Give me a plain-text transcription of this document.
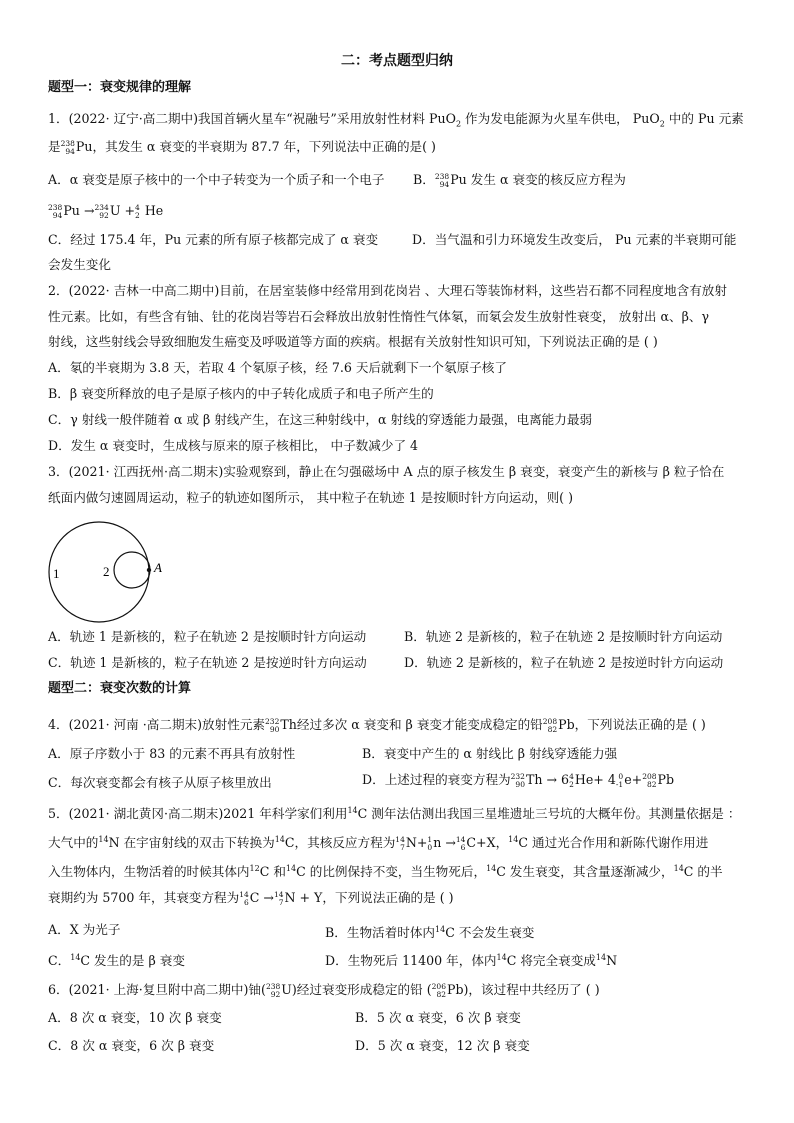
二：考点题型归纳
题型一：衰变规律的理解
1．(2022· 辽宁·高二期中)我国首辆火星车“祝融号”采用放射性材料 PuO$_2$ 作为发电能源为火星车供电， PuO$_2$ 中的 Pu 元素
是 238
94 Pu，其发生 α 衰变的半衰期为 87.7 年，下列说法中正确的是( )
A．α 衰变是原子核中的一个中子转变为一个质子和一个电子 B． 238
94 Pu 发生 α 衰变的核反应方程为
238
94 Pu → 234
92 U + 4
2 He
C．经过 175.4 年，Pu 元素的所有原子核都完成了 α 衰变	D．当气温和引力环境发生改变后， Pu 元素的半衰期可能
会发生变化
2．(2022· 吉林一中高二期中)目前，在居室装修中经常用到花岗岩 、大理石等装饰材料，这些岩石都不同程度地含有放射
性元素。比如，有些含有铀、钍的花岗岩等岩石会释放出放射性惰性气体氡，而氡会发生放射性衰变， 放射出 α、β、γ
射线，这些射线会导致细胞发生癌变及呼吸道等方面的疾病。根据有关放射性知识可知，下列说法正确的是 ( )
A．氡的半衰期为 3.8 天，若取 4 个氡原子核，经 7.6 天后就剩下一个氡原子核了
B．β 衰变所释放的电子是原子核内的中子转化成质子和电子所产生的
C．γ 射线一般伴随着 α 或 β 射线产生，在这三种射线中，α 射线的穿透能力最强，电离能力最弱
D．发生 α 衰变时，生成核与原来的原子核相比， 中子数减少了 4
3．(2021· 江西抚州·高二期末)实验观察到，静止在匀强磁场中 A 点的原子核发生 β 衰变，衰变产生的新核与 β 粒子恰在
纸面内做匀速圆周运动，粒子的轨迹如图所示， 其中粒子在轨迹 1 是按顺时针方向运动，则( )
1	2	A
A．轨迹 1 是新核的，粒子在轨迹 2 是按顺时针方向运动	B．轨迹 2 是新核的，粒子在轨迹 2 是按顺时针方向运动
C．轨迹 1 是新核的，粒子在轨迹 2 是按逆时针方向运动	D．轨迹 2 是新核的，粒子在轨迹 2 是按逆时针方向运动
题型二：衰变次数的计算
4．(2021· 河南 ·高二期末)放射性元素 232
90 Th经过多次 α 衰变和 β 衰变才能变成稳定的铅 208
82 Pb，下列说法正确的是 ( )
A．原子序数小于 83 的元素不再具有放射性	B．衰变中产生的 α 射线比 β 射线穿透能力强
C．每次衰变都会有核子从原子核里放出	D．上述过程的衰变方程为 232
90 Th → 6 4
2 He+ 4 0
-1 e+ 208
82 Pb
5．(2021· 湖北黄冈·高二期末)2021 年科学家们利用$^{14}$C 测年法估测出我国三星堆遗址三号坑的大概年份。其测量依据是 ：
大气中的$^{14}$N 在宇宙射线的双击下转换为$^{14}$C，其核反应方程为 14
7 N+ 1
0 n → 14
6 C+X，$^{14}$C 通过光合作用和新陈代谢作用进
入生物体内，生物活着的时候其体内$^{12}$C 和$^{14}$C 的比例保持不变，当生物死后，$^{14}$C 发生衰变，其含量逐渐减少，$^{14}$C 的半
衰期约为 5700 年，其衰变方程为 14
6 C → 14
7 N + Y，下列说法正确的是 ( )
A．X 为光子	B．生物活着时体内$^{14}$C 不会发生衰变
C．$^{14}$C 发生的是 β 衰变	D．生物死后 11400 年，体内$^{14}$C 将完全衰变成$^{14}$N
6．(2021· 上海·复旦附中高二期中)铀( 238
92 U)经过衰变形成稳定的铅 ( 206
82 Pb)，该过程中共经历了 ( )
A．8 次 α 衰变，10 次 β 衰变	B．5 次 α 衰变，6 次 β 衰变
C．8 次 α 衰变，6 次 β 衰变	D．5 次 α 衰变，12 次 β 衰变
